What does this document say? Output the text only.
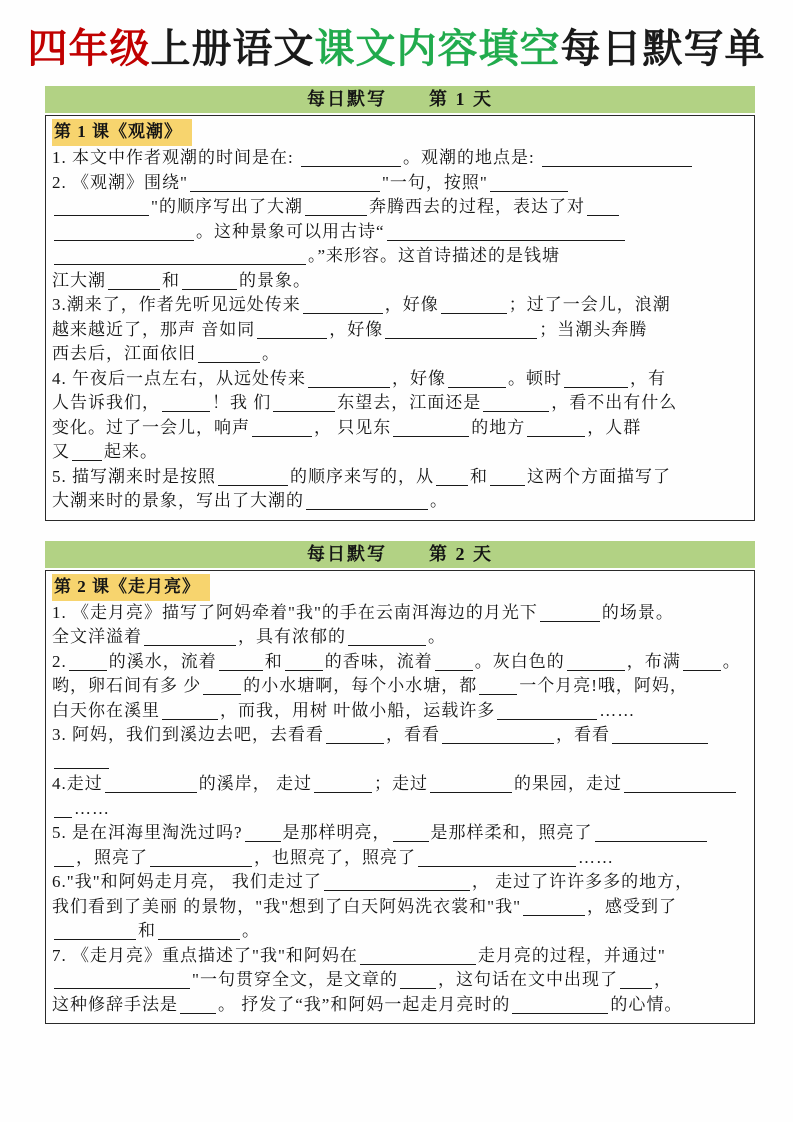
四年级上册语文课文内容填空每日默写单
每日默写 第 1 天
第 1 课《观潮》
1. 本文中作者观潮的时间是在:	。观潮的地点是:
2. 《观潮》围绕"	"一句，按照"
"的顺序写出了大潮	奔腾西去的过程，表达了对
。这种景象可以用古诗“
。”来形容。这首诗描述的是钱塘
江大潮	和	的景象。
3.潮来了，作者先听见远处传来	，好像	；过了一会儿，浪潮
越来越近了，那声 音如同	，好像	；当潮头奔腾
西去后，江面依旧	。
4. 午夜后一点左右，从远处传来	，好像	。顿时	，有
人告诉我们，	！我 们	东望去，江面还是	，看不出有什么
变化。过了一会儿，响声	， 只见东	的地方	，人群
又 起来。
5. 描写潮来时是按照	的顺序来写的，从 和 这两个方面描写了
大潮来时的景象，写出了大潮的	。
每日默写 第 2 天
第 2 课《走月亮》
1. 《走月亮》描写了阿妈牵着"我"的手在云南洱海边的月光下	的场景。
全文洋溢着	，具有浓郁的	。
2. 的溪水，流着	和 的香味，流着 。灰白色的	，布满 。
哟，卵石间有多 少 的小水塘啊，每个小水塘，都 一个月亮!哦，阿妈，
白天你在溪里	，而我，用树 叶做小船，运载许多	……
3. 阿妈，我们到溪边去吧，去看看	，看看	，看看
4.走过	的溪岸， 走过	；走过	的果园，走过
……
5. 是在洱海里淘洗过吗? 是那样明亮， 是那样柔和，照亮了
，照亮了	，也照亮了，照亮了	……
6."我"和阿妈走月亮， 我们走过了	， 走过了许许多多的地方，
我们看到了美丽 的景物，"我"想到了白天阿妈洗衣裳和"我"	，感受到了
和	。
7. 《走月亮》重点描述了"我"和阿妈在	走月亮的过程，并通过"
"一句贯穿全文，是文章的 ，这句话在文中出现了 ，
这种修辞手法是 。 抒发了“我”和阿妈一起走月亮时的	的心情。
